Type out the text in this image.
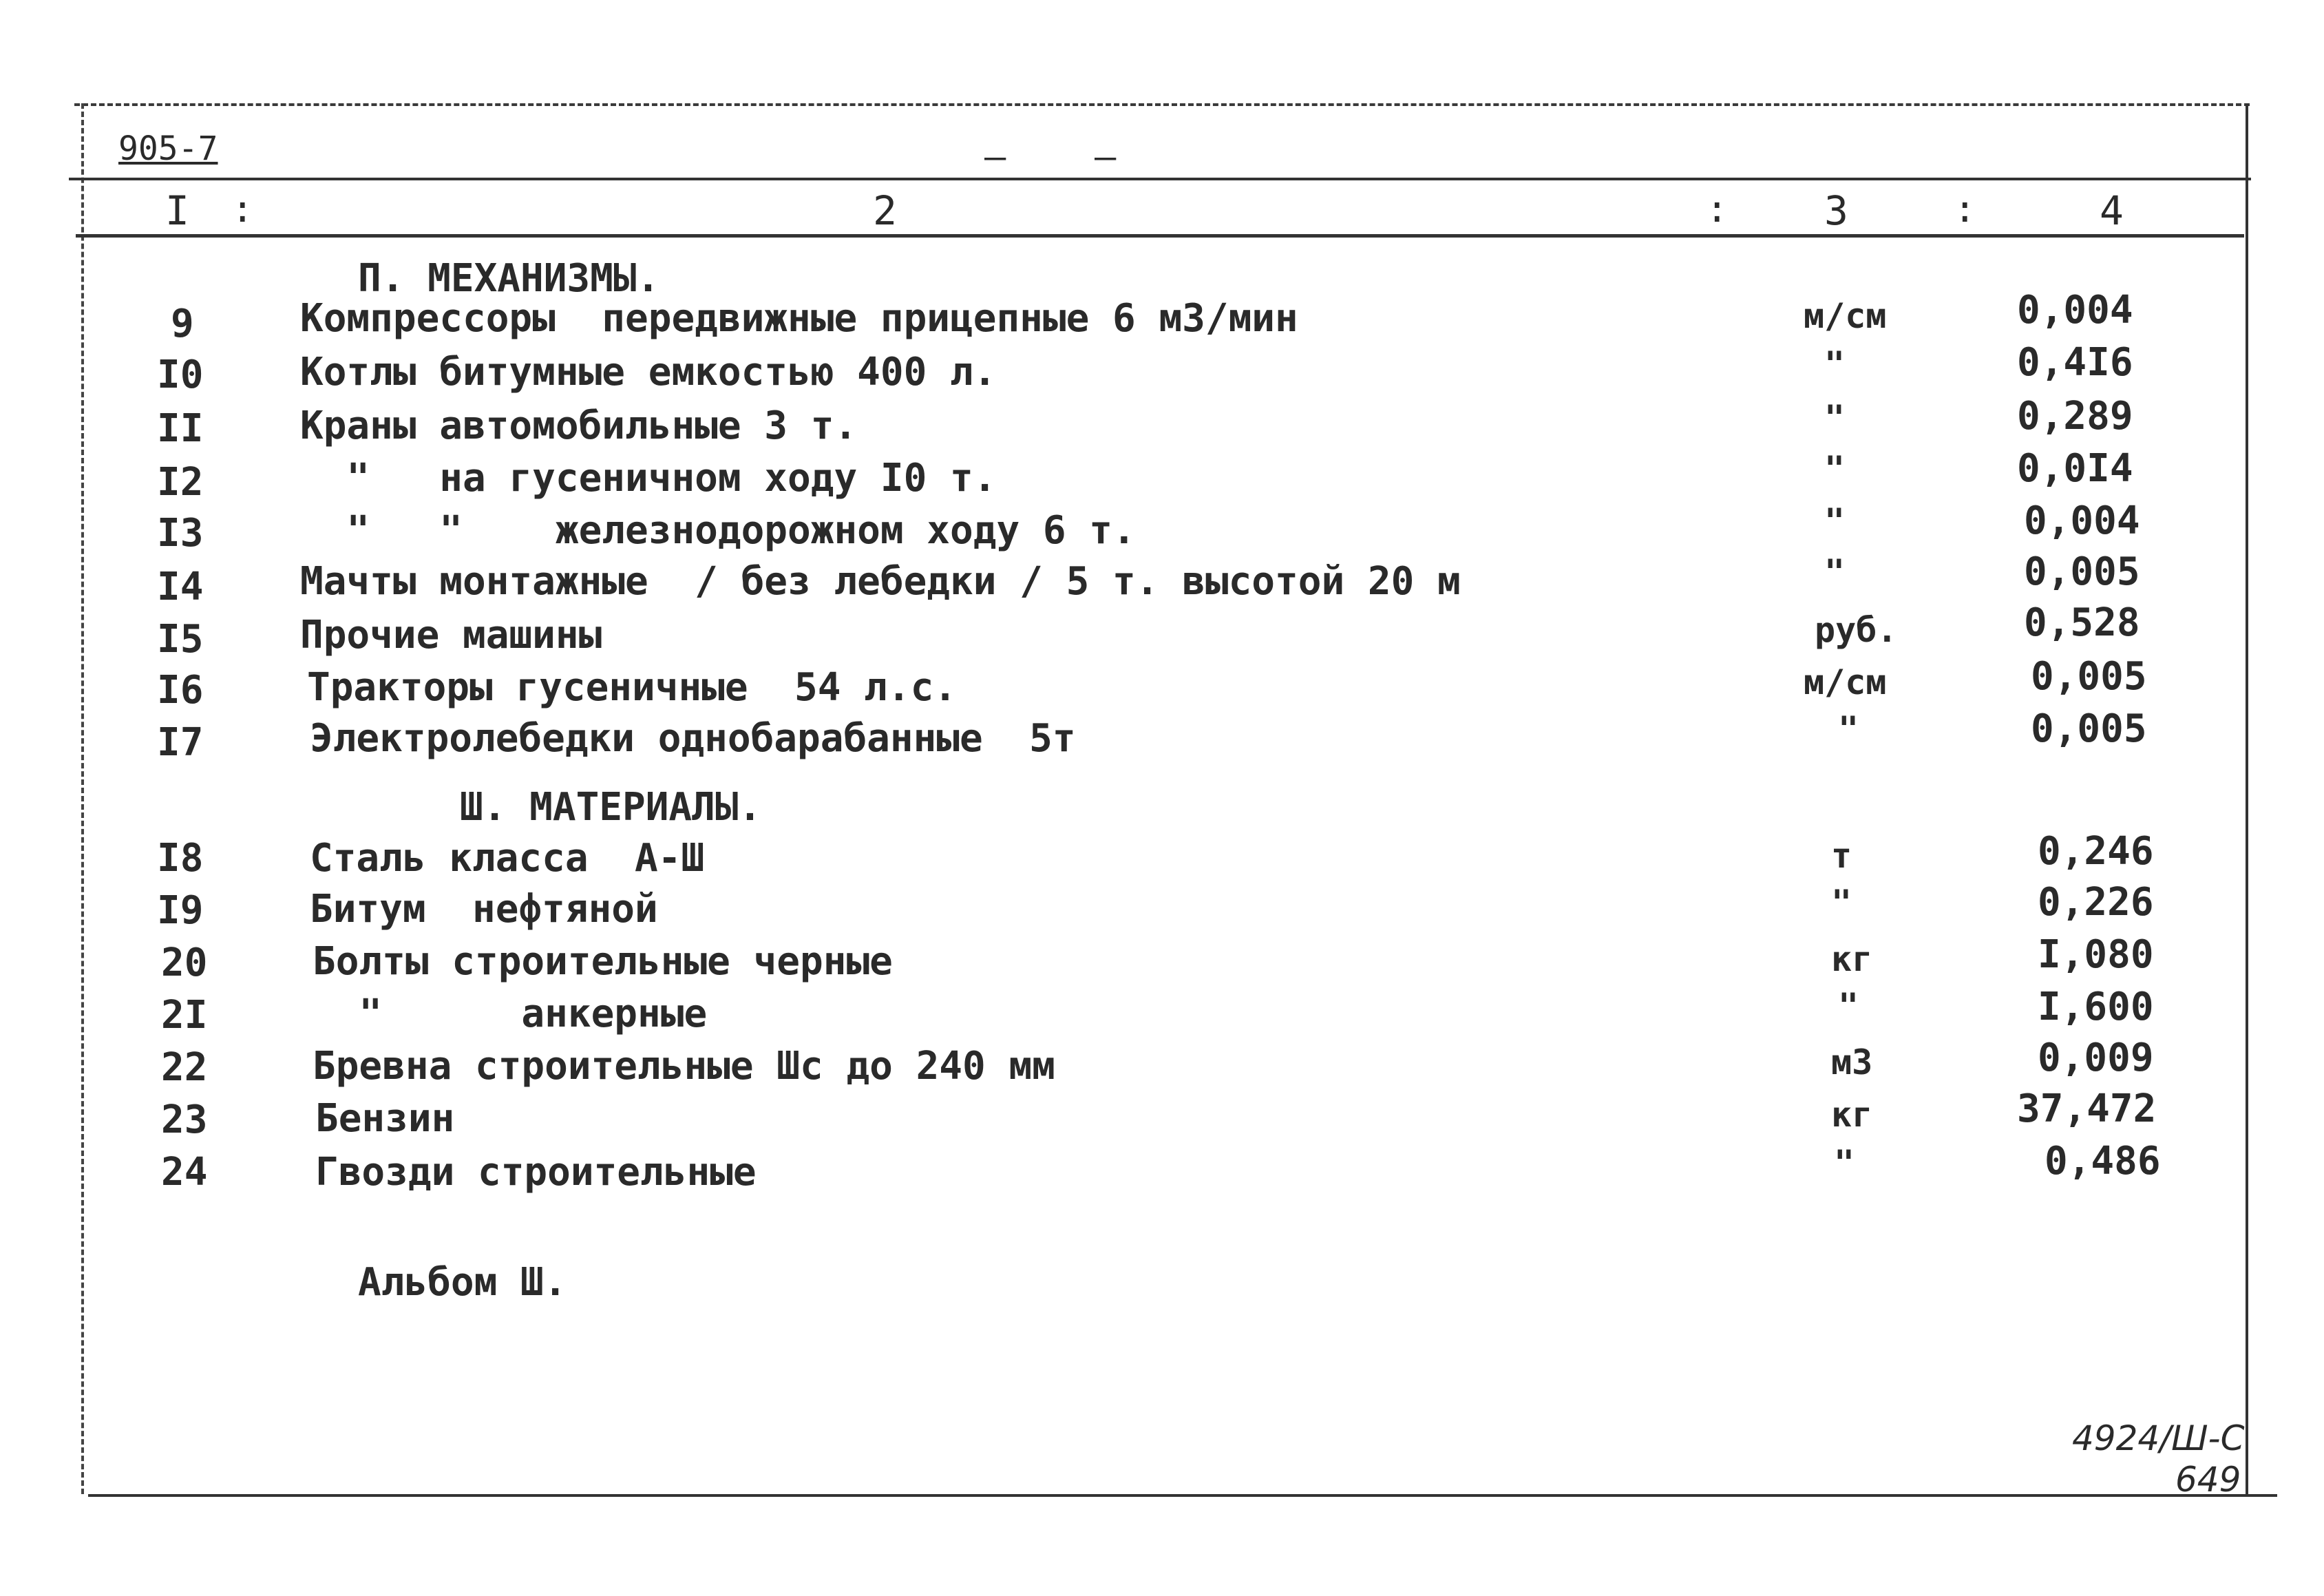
905-7	– –
I :	2	: 3	:	4
П. МЕХАНИЗМЫ.
Ш. МАТЕРИАЛЫ.
9	Компрессоры  передвижные прицепные 6 м3/мин	м/см	0,004
I0	Котлы битумные емкостью 400 л.	"	0,4I6
II	Краны автомобильные 3 т.	"	0,289
I2	"   на гусеничном ходу I0 т.	"	0,0I4
I3	"   "    железнодорожном ходу 6 т.	"	0,004
I4	Мачты монтажные  / без лебедки / 5 т. высотой 20 м	"	0,005
I5	Прочие машины	руб.	0,528
I6	Тракторы гусеничные  54 л.с.	м/см	0,005
I7	Электролебедки однобарабанные  5т	"	0,005
I8	Сталь класса  А-Ш	т	0,246
I9	Битум  нефтяной	"	0,226
20	Болты строительные черные	кг	I,080
2I	"      анкерные	"	I,600
22	Бревна строительные Шс до 240 мм	м3	0,009
23	Бензин	кг	37,472
24	Гвозди строительные	"	0,486
Альбом Ш.
4924/Ш-С
649
